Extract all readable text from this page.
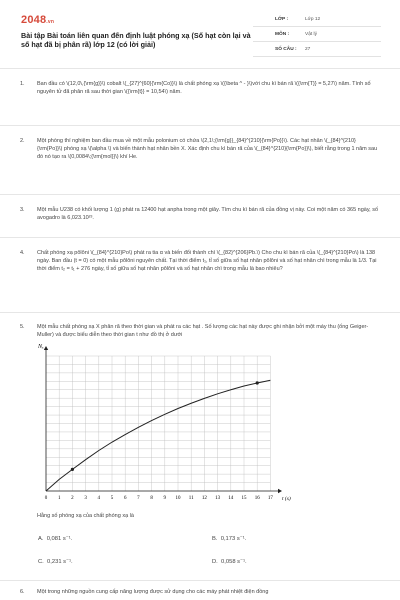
2048.vn
Bài tập Bài toán liên quan đến định luật phóng xạ (Số hạt còn lại và số hạt đã bị phân rã) lớp 12 (có lời giải)
LỚP :	Lớp 12
MÔN :	Vật lý
SỐ CÂU : 27
1. Ban đầu có \(12,0\,{\rm{g}}\) cobalt \(_{27}^{60}{\rm{Co}}\) là chất phóng xạ \({\beta ^ - }\)với chu kì bán rã \({\rm{T}} = 5,27\) năm. Tính số nguyên tử đã phân rã sau thời gian \({\rm{t}} = 10,54\) năm.
2. Một phòng thí nghiệm ban đầu mua về một mẫu polonium có chứa \(2,1\;{\rm{g}}_{84}^{210}{\rm{Po}}\). Các hạt nhân \(_{84}^{210}{\rm{Po}}\) phóng xạ \(\alpha \) và biến thành hạt nhân bền X. Xác định chu kì bán rã của \(_{84}^{210}{\rm{Po}}\), biết rằng trong 1 năm sau đó nó tạo ra \(0,0084\;{\rm{mol}}\) khí He.
3. Một mẫu U238 có khối lượng 1 (g) phát ra 12400 hạt anpha trong một giây. Tìm chu kì bán rã của đồng vị này. Coi một năm có 365 ngày, số avogadro là 6,023.10²³.
4. Chất phóng xạ pôlôni \(_{84}^{210}Po\) phát ra tia α và biến đổi thành chì \(_{82}^{206}Pb.\) Cho chu kì bán rã của \(_{84}^{210}Po\) là 138 ngày. Ban đầu (t = 0) có một mẫu pôlôni nguyên chất. Tại thời điểm t₁, tỉ số giữa số hạt nhân pôlôni và số hạt nhân chì trong mẫu là 1/3. Tại thời điểm t₂ = t₁ + 276 ngày, tỉ số giữa số hạt nhân pôlôni và số hạt nhân chì trong mẫu là bao nhiêu?
5. Một mẫu chất phóng xạ X phân rã theo thời gian và phát ra các hạt . Số lượng các hạt này được ghi nhận bởi một máy thu (ống Geiger-Muller) và được biểu diễn theo thời gian t như đồ thị ở dưới
Nₓ
t (s)
0 1 2 3 4 5 6 7 8 9 10 11 12 13 14 15 16 17
Hằng số phóng xạ của chất phóng xạ là
A. 0,081 s⁻¹.	B. 0,173 s⁻¹.
C. 0,231 s⁻¹.	D. 0,058 s⁻¹.
6. Một trong những nguồn cung cấp năng lượng được sử dụng cho các máy phát nhiệt điện đồng
